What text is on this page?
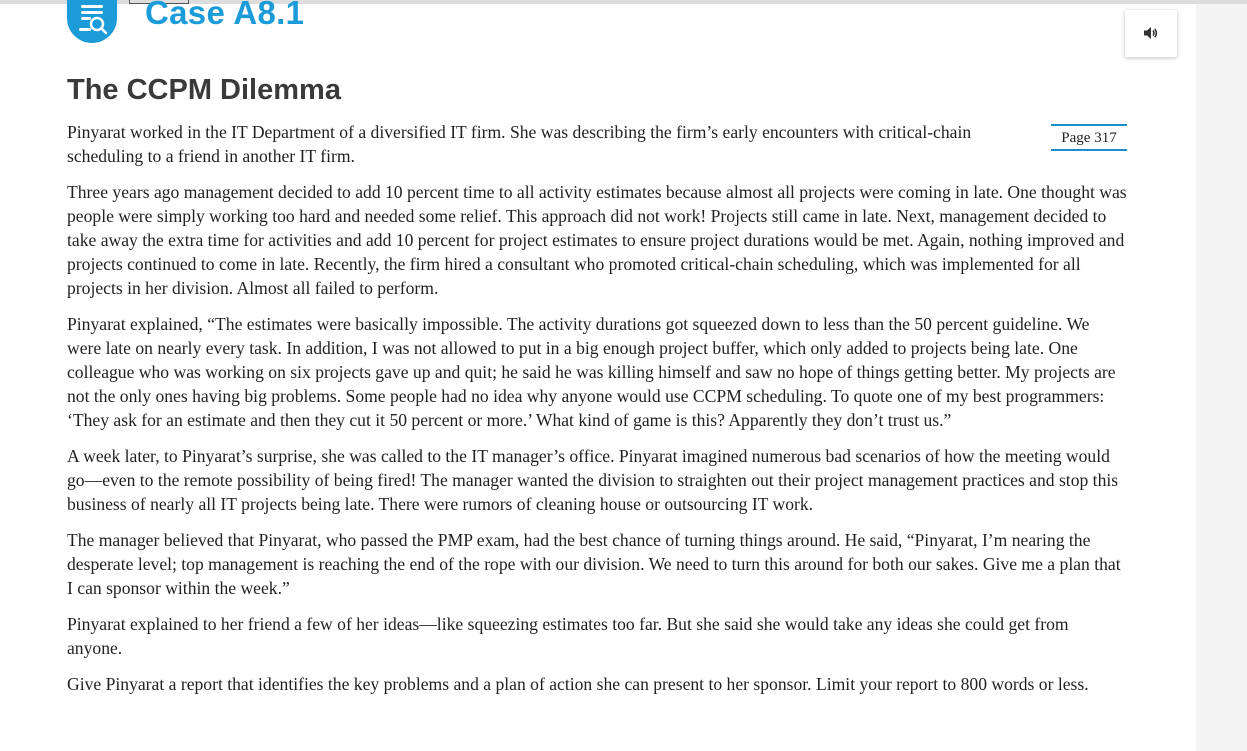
Case A8.1
The CCPM Dilemma
Page 317

Pinyarat worked in the IT Department of a diversified IT firm. She was describing the firm’s early encounters with critical-chain scheduling to a friend in another IT firm.

Three years ago management decided to add 10 percent time to all activity estimates because almost all projects were coming in late. One thought was people were simply working too hard and needed some relief. This approach did not work! Projects still came in late. Next, management decided to take away the extra time for activities and add 10 percent for project estimates to ensure project durations would be met. Again, nothing improved and projects continued to come in late. Recently, the firm hired a consultant who promoted critical-chain scheduling, which was implemented for all projects in her division. Almost all failed to perform.

Pinyarat explained, “The estimates were basically impossible. The activity durations got squeezed down to less than the 50 percent guideline. We were late on nearly every task. In addition, I was not allowed to put in a big enough project buffer, which only added to projects being late. One colleague who was working on six projects gave up and quit; he said he was killing himself and saw no hope of things getting better. My projects are not the only ones having big problems. Some people had no idea why anyone would use CCPM scheduling. To quote one of my best programmers: ‘They ask for an estimate and then they cut it 50 percent or more.’ What kind of game is this? Apparently they don’t trust us.”

A week later, to Pinyarat’s surprise, she was called to the IT manager’s office. Pinyarat imagined numerous bad scenarios of how the meeting would go—even to the remote possibility of being fired! The manager wanted the division to straighten out their project management practices and stop this business of nearly all IT projects being late. There were rumors of cleaning house or outsourcing IT work.

The manager believed that Pinyarat, who passed the PMP exam, had the best chance of turning things around. He said, “Pinyarat, I’m nearing the desperate level; top management is reaching the end of the rope with our division. We need to turn this around for both our sakes. Give me a plan that I can sponsor within the week.”

Pinyarat explained to her friend a few of her ideas—like squeezing estimates too far. But she said she would take any ideas she could get from anyone.

Give Pinyarat a report that identifies the key problems and a plan of action she can present to her sponsor. Limit your report to 800 words or less.
